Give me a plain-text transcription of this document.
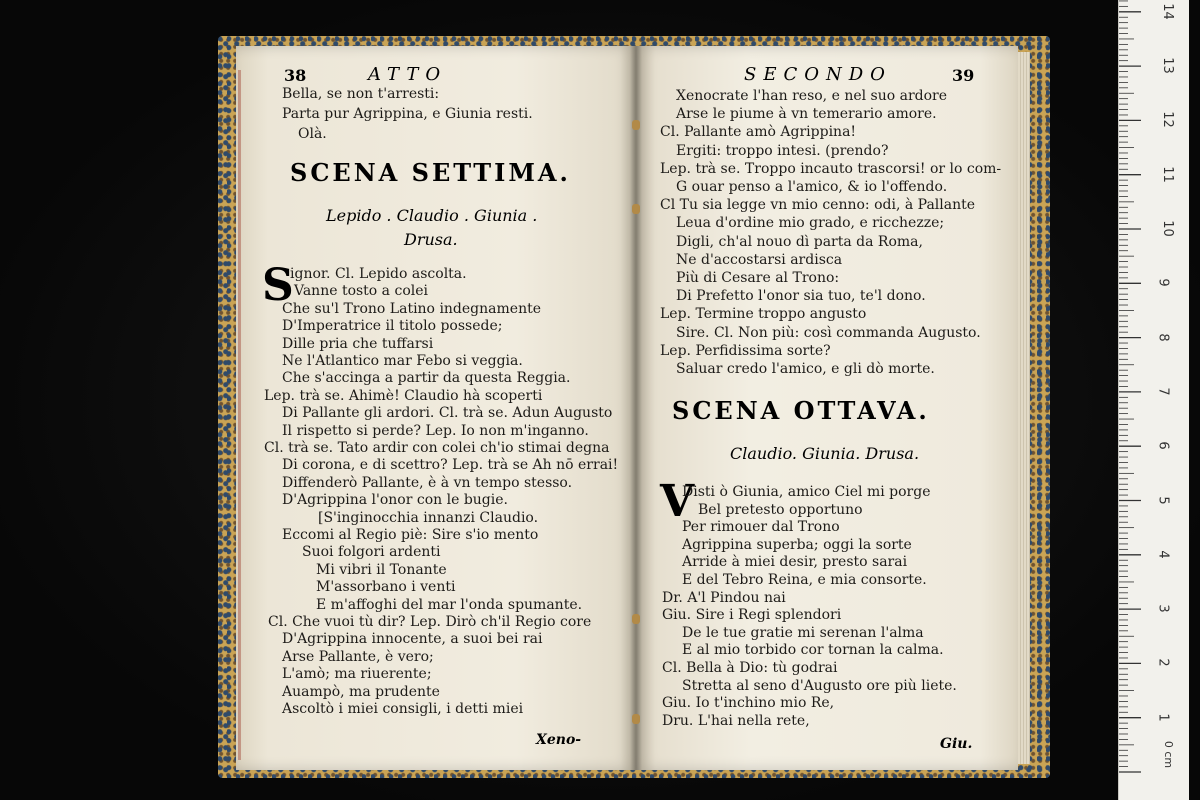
38	ATTO
Bella, se non t'arresti:
Parta pur Agrippina, e Giunia resti.
Olà.
SCENA SETTIMA.
Lepido . Claudio . Giunia .
Drusa.
S
ignor. Cl. Lepido ascolta.
Vanne tosto a colei
Che su'l Trono Latino indegnamente
D'Imperatrice il titolo possede;
Dille pria che tuffarsi
Ne l'Atlantico mar Febo si veggia.
Che s'accinga a partir da questa Reggia.
Lep. trà se. Ahimè! Claudio hà scoperti
Di Pallante gli ardori. Cl. trà se. Adun Augusto
Il rispetto si perde? Lep. Io non m'inganno.
Cl. trà se. Tato ardir con colei ch'io stimai degna
Di corona, e di scettro? Lep. trà se Ah nō errai!
Diffenderò Pallante, è à vn tempo stesso.
D'Agrippina l'onor con le bugie.
[S'inginocchia innanzi Claudio.
Eccomi al Regio piè: Sire s'io mento
Suoi folgori ardenti
Mi vibri il Tonante
M'assorbano i venti
E m'affoghi del mar l'onda spumante.
Cl. Che vuoi tù dir? Lep. Dirò ch'il Regio core
D'Agrippina innocente, a suoi bei rai
Arse Pallante, è vero;
L'amò; ma riuerente;
Auampò, ma prudente
Ascoltò i miei consigli, i detti miei
Xeno-
SECONDO	39
Xenocrate l'han reso, e nel suo ardore
Arse le piume à vn temerario amore.
Cl. Pallante amò Agrippina!
Ergiti: troppo intesi. (prendo?
Lep. trà se. Troppo incauto trascorsi! or lo com-
G ouar penso a l'amico, & io l'offendo.
Cl Tu sia legge vn mio cenno: odi, à Pallante
Leua d'ordine mio grado, e ricchezze;
Digli, ch'al nouo dì parta da Roma,
Ne d'accostarsi ardisca
Più di Cesare al Trono:
Di Prefetto l'onor sia tuo, te'l dono.
Lep. Termine troppo angusto
Sire. Cl. Non più: così commanda Augusto.
Lep. Perfidissima sorte?
Saluar credo l'amico, e gli dò morte.
SCENA OTTAVA.
Claudio. Giunia. Drusa.
V
Disti ò Giunia, amico Ciel mi porge
Bel pretesto opportuno
Per rimouer dal Trono
Agrippina superba; oggi la sorte
Arride à miei desir, presto sarai
E del Tebro Reina, e mia consorte.
Dr. A'l Pindou nai
Giu. Sire i Regi splendori
De le tue gratie mi serenan l'alma
E al mio torbido cor tornan la calma.
Cl. Bella à Dio: tù godrai
Stretta al seno d'Augusto ore più liete.
Giu. Io t'inchino mio Re,
Dru. L'hai nella rete,
Giu.
1
2
3
4
5
6
7
8
9
10
11
12
13
14
0 cm
